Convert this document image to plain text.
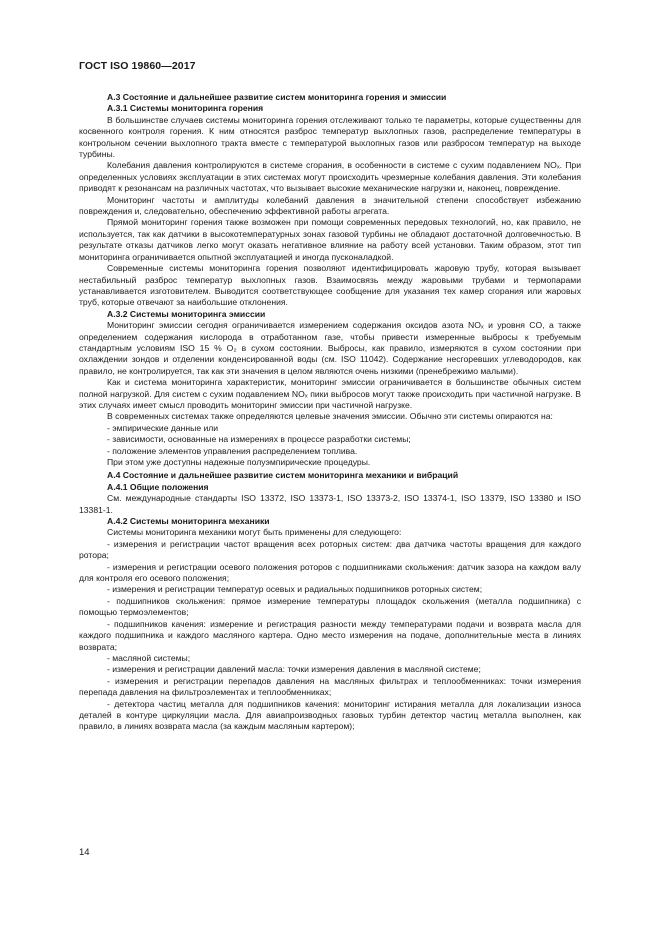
ГОСТ ISO 19860—2017
А.3 Состояние и дальнейшее развитие систем мониторинга горения и эмиссии
А.3.1 Системы мониторинга горения

В большинстве случаев системы мониторинга горения отслеживают только те параметры, которые существенны для косвенного контроля горения. К ним относятся разброс температур выхлопных газов, распределение температуры в контрольном сечении выхлопного тракта вместе с температурой выхлопных газов или разбросом температур на выходе турбины.

Колебания давления контролируются в системе сгорания, в особенности в системе с сухим подавлением NOₓ. При определенных условиях эксплуатации в этих системах могут происходить чрезмерные колебания давления. Эти колебания приводят к резонансам на различных частотах, что вызывает высокие механические нагрузки и, наконец, повреждение.

Мониторинг частоты и амплитуды колебаний давления в значительной степени способствует избежанию повреждения и, следовательно, обеспечению эффективной работы агрегата.

Прямой мониторинг горения также возможен при помощи современных передовых технологий, но, как правило, не используется, так как датчики в высокотемпературных зонах газовой турбины не обладают достаточной долговечностью. В результате отказы датчиков легко могут оказать негативное влияние на работу всей установки. Таким образом, этот тип мониторинга ограничивается опытной эксплуатацией и иногда пусконаладкой.

Современные системы мониторинга горения позволяют идентифицировать жаровую трубу, которая вызывает нестабильный разброс температур выхлопных газов. Взаимосвязь между жаровыми трубами и термопарами устанавливается изготовителем. Выводится соответствующее сообщение для указания тех камер сгорания или жаровых труб, которые отвечают за наибольшие отклонения.

А.3.2 Системы мониторинга эмиссии

Мониторинг эмиссии сегодня ограничивается измерением содержания оксидов азота NOₓ и уровня CO, а также определением содержания кислорода в отработанном газе, чтобы привести измеренные выбросы к требуемым стандартным условиям ISO 15 % O₂ в сухом состоянии. Выбросы, как правило, измеряются в сухом состоянии при охлаждении зондов и отделении конденсированной воды (см. ISO 11042). Содержание несгоревших углеводородов, как правило, не контролируется, так как эти значения в целом являются очень низкими (пренебрежимо малыми).

Как и система мониторинга характеристик, мониторинг эмиссии ограничивается в большинстве обычных систем полной нагрузкой. Для систем с сухим подавлением NOₓ пики выбросов могут также происходить при частичной нагрузке. В этих случаях имеет смысл проводить мониторинг эмиссии при частичной нагрузке.

В современных системах также определяются целевые значения эмиссии. Обычно эти системы опираются на:

- эмпирические данные или
- зависимости, основанные на измерениях в процессе разработки системы;
- положение элементов управления распределением топлива.

При этом уже доступны надежные полуэмпирические процедуры.

А.4 Состояние и дальнейшее развитие систем мониторинга механики и вибраций
А.4.1 Общие положения

См. международные стандарты ISO 13372, ISO 13373-1, ISO 13373-2, ISO 13374-1, ISO 13379, ISO 13380 и ISO 13381-1.

А.4.2 Системы мониторинга механики

Системы мониторинга механики могут быть применены для следующего:

- измерения и регистрации частот вращения всех роторных систем: два датчика частоты вращения для каждого ротора;

- измерения и регистрации осевого положения роторов с подшипниками скольжения: датчик зазора на каждом валу для контроля его осевого положения;

- измерения и регистрации температур осевых и радиальных подшипников роторных систем;

- подшипников скольжения: прямое измерение температуры площадок скольжения (металла подшипника) с помощью термоэлементов;

- подшипников качения: измерение и регистрация разности между температурами подачи и возврата масла для каждого подшипника и каждого масляного картера. Одно место измерения на подаче, дополнительные места в линиях возврата;

- масляной системы;

- измерения и регистрации давлений масла: точки измерения давления в масляной системе;

- измерения и регистрации перепадов давления на масляных фильтрах и теплообменниках: точки измерения перепада давления на фильтроэлементах и теплообменниках;

- детектора частиц металла для подшипников качения: мониторинг истирания металла для локализации износа деталей в контуре циркуляции масла. Для авиапроизводных газовых турбин детектор частиц металла выполнен, как правило, в линиях возврата масла (за каждым масляным картером);

14
